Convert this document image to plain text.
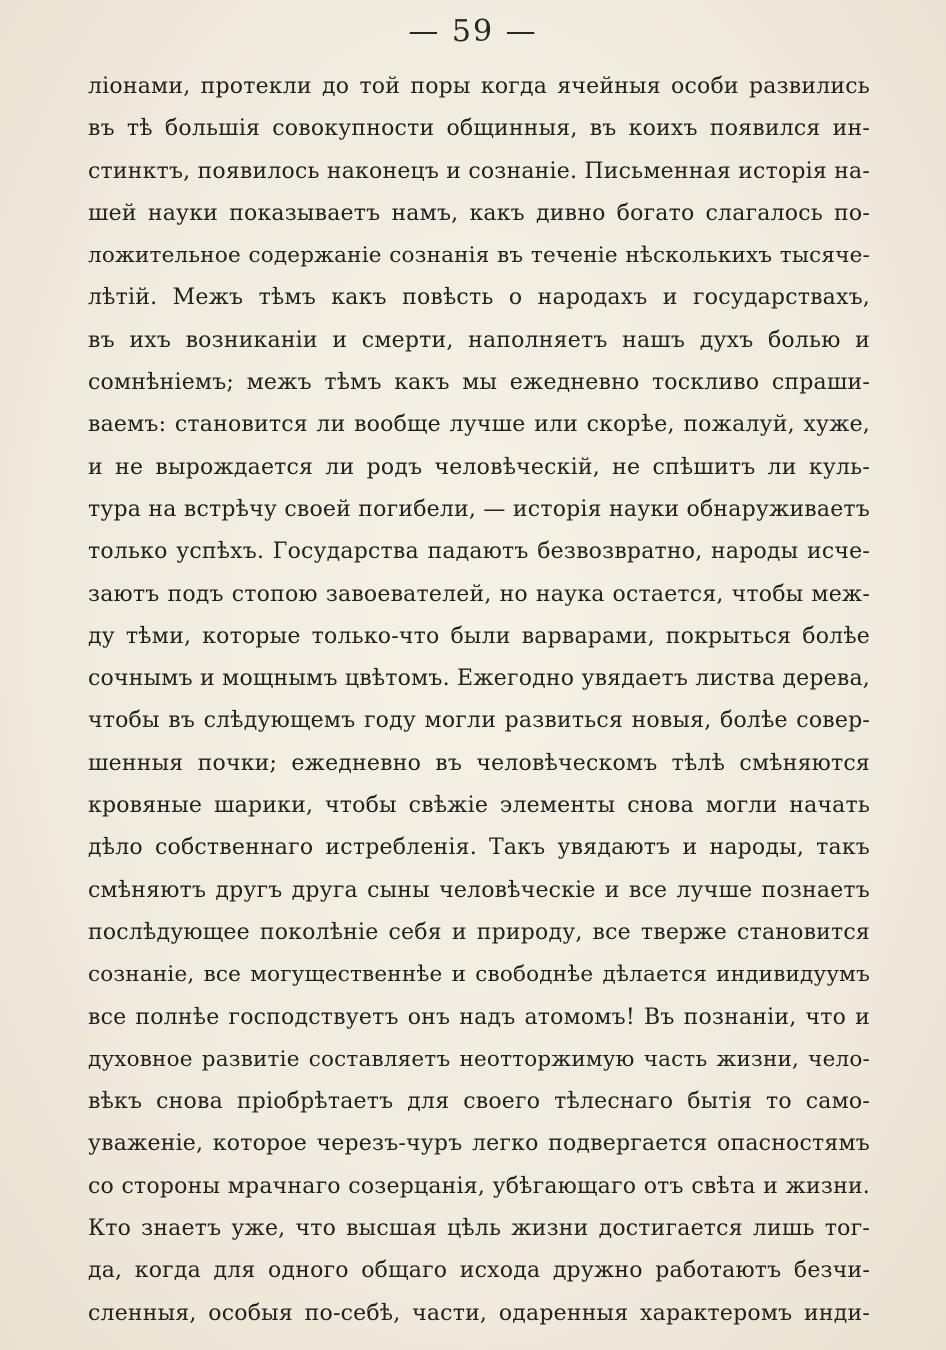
— 59 —
ліонами, протекли до той поры когда ячейныя особи развились
въ тѣ большія совокупности общинныя, въ коихъ появился ин-
стинктъ, появилось наконецъ и сознаніе. Письменная исторія на-
шей науки показываетъ намъ, какъ дивно богато слагалось по-
ложительное содержаніе сознанія въ теченіе нѣсколькихъ тысяче-
лѣтій. Межъ тѣмъ какъ повѣсть о народахъ и государствахъ,
въ ихъ возниканіи и смерти, наполняетъ нашъ духъ болью и
сомнѣніемъ; межъ тѣмъ какъ мы ежедневно тоскливо спраши-
ваемъ: становится ли вообще лучше или скорѣе, пожалуй, хуже,
и не вырождается ли родъ человѣческій, не спѣшитъ ли куль-
тура на встрѣчу своей погибели, — исторія науки обнаруживаетъ
только успѣхъ. Государства падаютъ безвозвратно, народы исче-
заютъ подъ стопою завоевателей, но наука остается, чтобы меж-
ду тѣми, которые только-что были варварами, покрыться болѣе
сочнымъ и мощнымъ цвѣтомъ. Ежегодно увядаетъ листва дерева,
чтобы въ слѣдующемъ году могли развиться новыя, болѣе совер-
шенныя почки; ежедневно въ человѣческомъ тѣлѣ смѣняются
кровяные шарики, чтобы свѣжіе элементы снова могли начать
дѣло собственнаго истребленія. Такъ увядаютъ и народы, такъ
смѣняютъ другъ друга сыны человѣческіе и все лучше познаетъ
послѣдующее поколѣніе себя и природу, все тверже становится
сознаніе, все могущественнѣе и свободнѣе дѣлается индивидуумъ
все полнѣе господствуетъ онъ надъ атомомъ! Въ познаніи, что и
духовное развитіе составляетъ неотторжимую часть жизни, чело-
вѣкъ снова пріобрѣтаетъ для своего тѣлеснаго бытія то само-
уваженіе, которое черезъ-чуръ легко подвергается опасностямъ
со стороны мрачнаго созерцанія, убѣгающаго отъ свѣта и жизни.
Кто знаетъ уже, что высшая цѣль жизни достигается лишь тог-
да, когда для одного общаго исхода дружно работаютъ безчи-
сленныя, особыя по-себѣ, части, одаренныя характеромъ инди-
